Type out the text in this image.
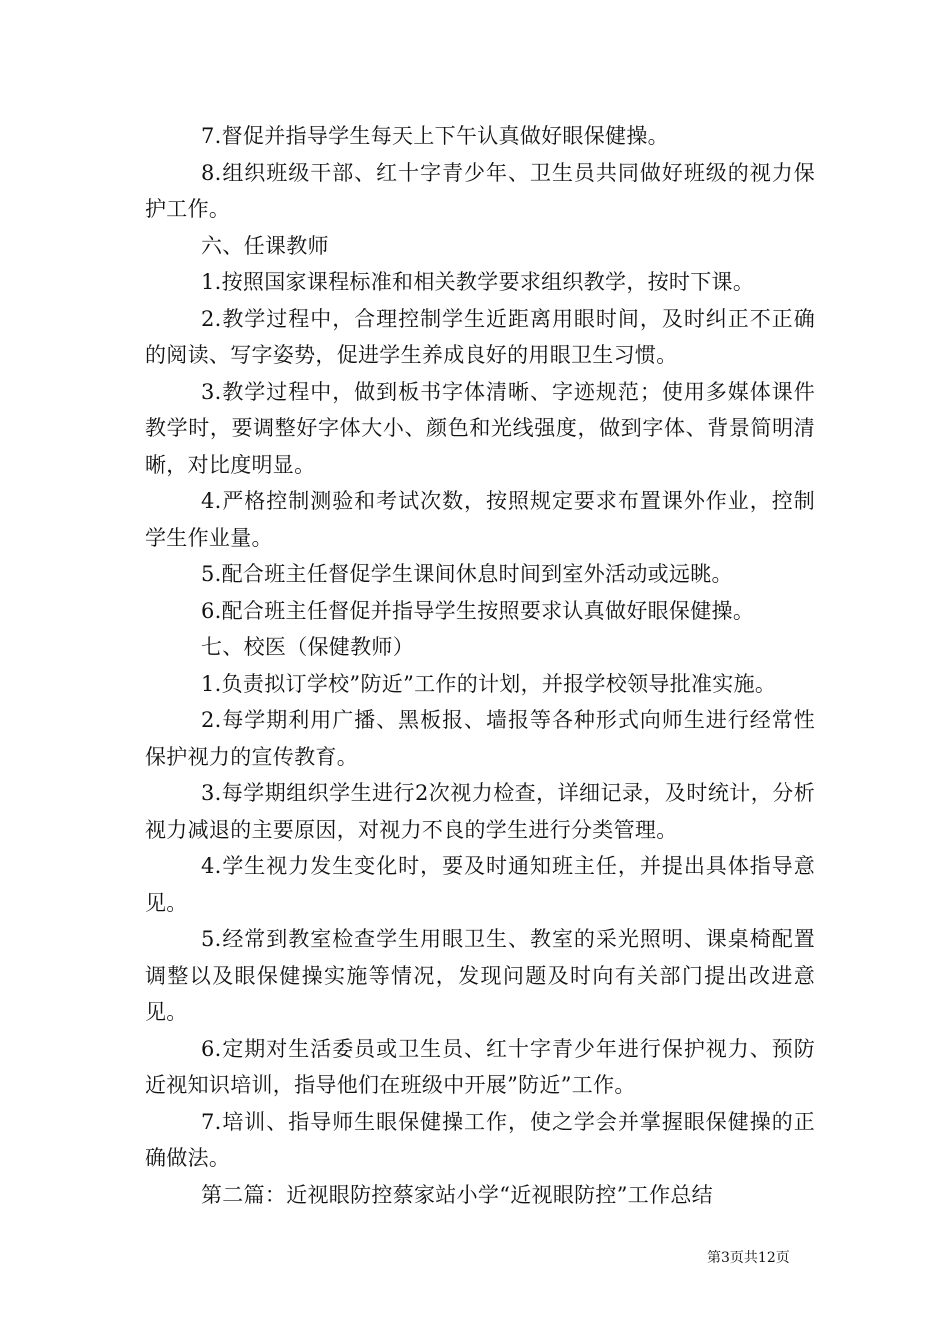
7.督促并指导学生每天上下午认真做好眼保健操。

8.组织班级干部、红十字青少年、卫生员共同做好班级的视力保护工作。

六、任课教师

1.按照国家课程标准和相关教学要求组织教学，按时下课。

2.教学过程中，合理控制学生近距离用眼时间，及时纠正不正确的阅读、写字姿势，促进学生养成良好的用眼卫生习惯。

3.教学过程中，做到板书字体清晰、字迹规范；使用多媒体课件教学时，要调整好字体大小、颜色和光线强度，做到字体、背景简明清晰，对比度明显。

4.严格控制测验和考试次数，按照规定要求布置课外作业，控制学生作业量。

5.配合班主任督促学生课间休息时间到室外活动或远眺。

6.配合班主任督促并指导学生按照要求认真做好眼保健操。

七、校医（保健教师）

1.负责拟订学校”防近”工作的计划，并报学校领导批准实施。

2.每学期利用广播、黑板报、墙报等各种形式向师生进行经常性保护视力的宣传教育。

3.每学期组织学生进行2次视力检查，详细记录，及时统计，分析视力减退的主要原因，对视力不良的学生进行分类管理。

4.学生视力发生变化时，要及时通知班主任，并提出具体指导意见。

5.经常到教室检查学生用眼卫生、教室的采光照明、课桌椅配置调整以及眼保健操实施等情况，发现问题及时向有关部门提出改进意见。

6.定期对生活委员或卫生员、红十字青少年进行保护视力、预防近视知识培训，指导他们在班级中开展”防近”工作。

7.培训、指导师生眼保健操工作，使之学会并掌握眼保健操的正确做法。

第二篇：近视眼防控蔡家站小学“近视眼防控”工作总结

第3页共12页
